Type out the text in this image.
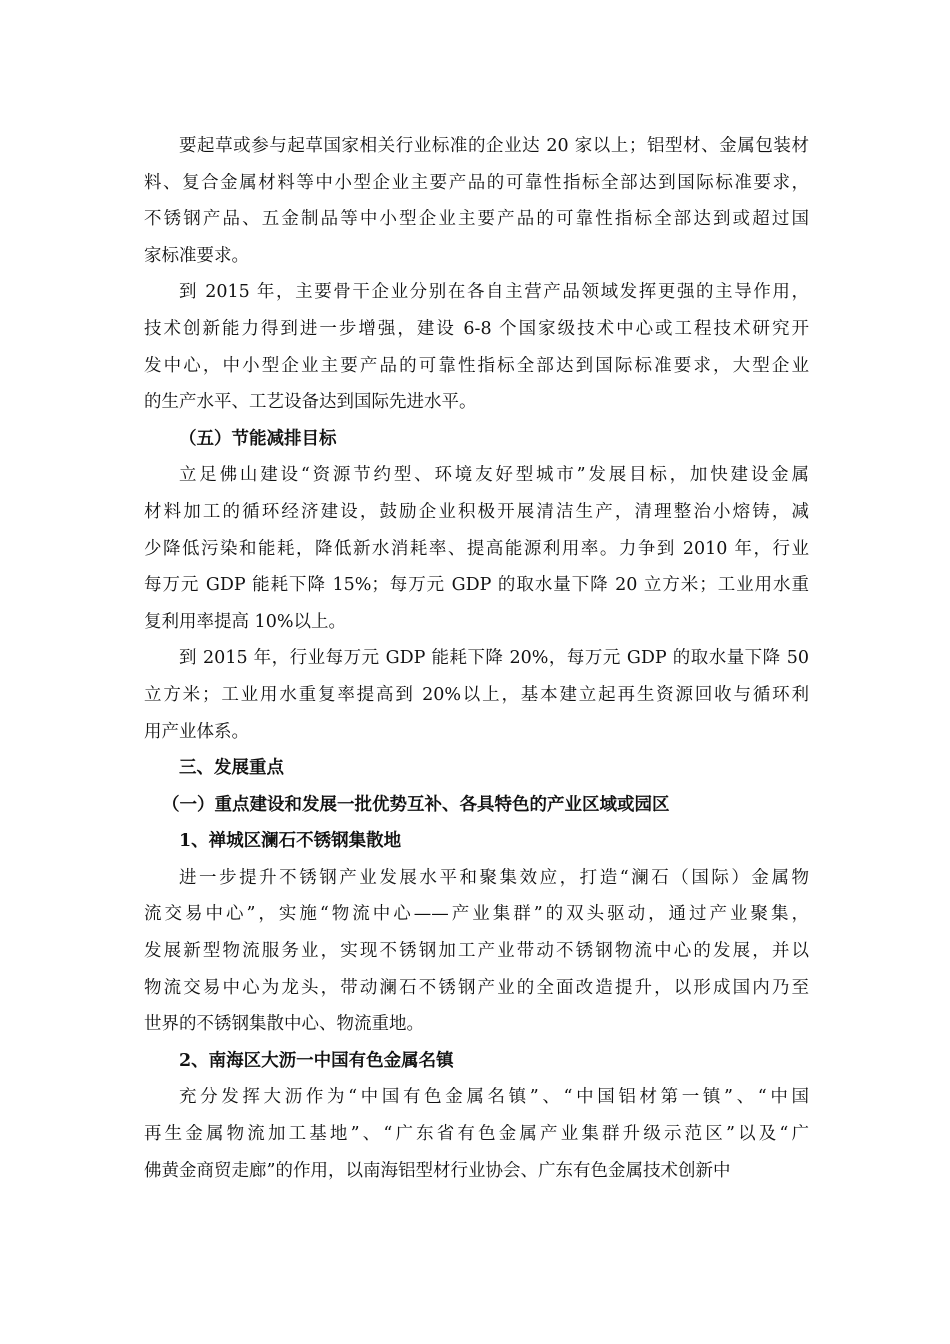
要起草或参与起草国家相关行业标准的企业达 20 家以上；铝型材、金属包装材
料、复合金属材料等中小型企业主要产品的可靠性指标全部达到国际标准要求，
不锈钢产品、五金制品等中小型企业主要产品的可靠性指标全部达到或超过国
家标准要求。
到 2015 年，主要骨干企业分别在各自主营产品领域发挥更强的主导作用，
技术创新能力得到进一步增强，建设 6-8 个国家级技术中心或工程技术研究开
发中心，中小型企业主要产品的可靠性指标全部达到国际标准要求，大型企业
的生产水平、工艺设备达到国际先进水平。
（五）节能减排目标
立足佛山建设“资源节约型、环境友好型城市”发展目标，加快建设金属
材料加工的循环经济建设，鼓励企业积极开展清洁生产，清理整治小熔铸，减
少降低污染和能耗，降低新水消耗率、提高能源利用率。力争到 2010 年，行业
每万元 GDP 能耗下降 15%；每万元 GDP 的取水量下降 20 立方米；工业用水重
复利用率提高 10%以上。
到 2015 年，行业每万元 GDP 能耗下降 20%，每万元 GDP 的取水量下降 50
立方米；工业用水重复率提高到 20%以上，基本建立起再生资源回收与循环利
用产业体系。
三、发展重点
（一）重点建设和发展一批优势互补、各具特色的产业区域或园区
1、禅城区澜石不锈钢集散地
进一步提升不锈钢产业发展水平和聚集效应，打造“澜石（国际）金属物
流交易中心”，实施“物流中心——产业集群”的双头驱动，通过产业聚集，
发展新型物流服务业，实现不锈钢加工产业带动不锈钢物流中心的发展，并以
物流交易中心为龙头，带动澜石不锈钢产业的全面改造提升，以形成国内乃至
世界的不锈钢集散中心、物流重地。
2、南海区大沥一中国有色金属名镇
充分发挥大沥作为“中国有色金属名镇”、“中国铝材第一镇”、“中国
再生金属物流加工基地”、“广东省有色金属产业集群升级示范区”以及“广
佛黄金商贸走廊”的作用，以南海铝型材行业协会、广东有色金属技术创新中
